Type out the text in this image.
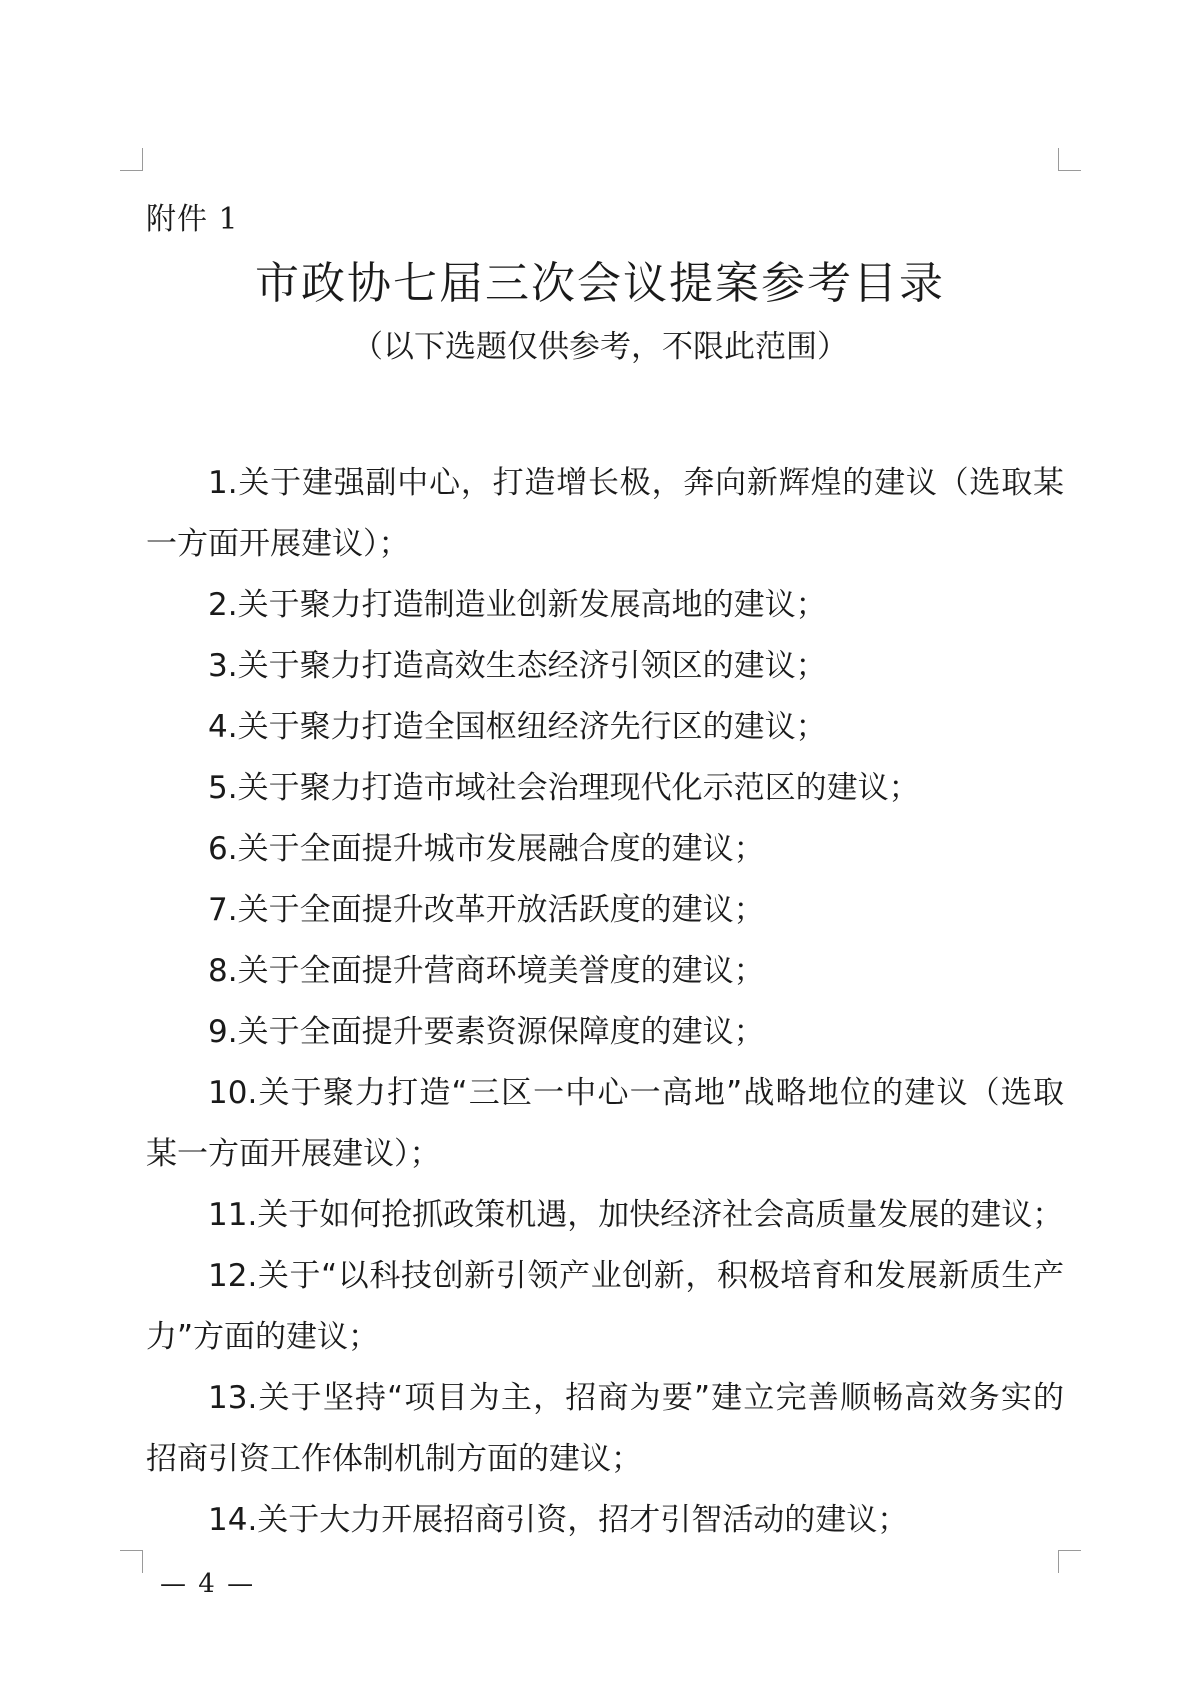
附件 1
市政协七届三次会议提案参考目录
（以下选题仅供参考，不限此范围）
1.关于建强副中心，打造增长极，奔向新辉煌的建议（选取某一方面开展建议）；
2.关于聚力打造制造业创新发展高地的建议；
3.关于聚力打造高效生态经济引领区的建议；
4.关于聚力打造全国枢纽经济先行区的建议；
5.关于聚力打造市域社会治理现代化示范区的建议；
6.关于全面提升城市发展融合度的建议；
7.关于全面提升改革开放活跃度的建议；
8.关于全面提升营商环境美誉度的建议；
9.关于全面提升要素资源保障度的建议；
10.关于聚力打造“三区一中心一高地”战略地位的建议（选取某一方面开展建议）；
11.关于如何抢抓政策机遇，加快经济社会高质量发展的建议；
12.关于“以科技创新引领产业创新，积极培育和发展新质生产力”方面的建议；
13.关于坚持“项目为主，招商为要”建立完善顺畅高效务实的招商引资工作体制机制方面的建议；
14.关于大力开展招商引资，招才引智活动的建议；
— 4 —
